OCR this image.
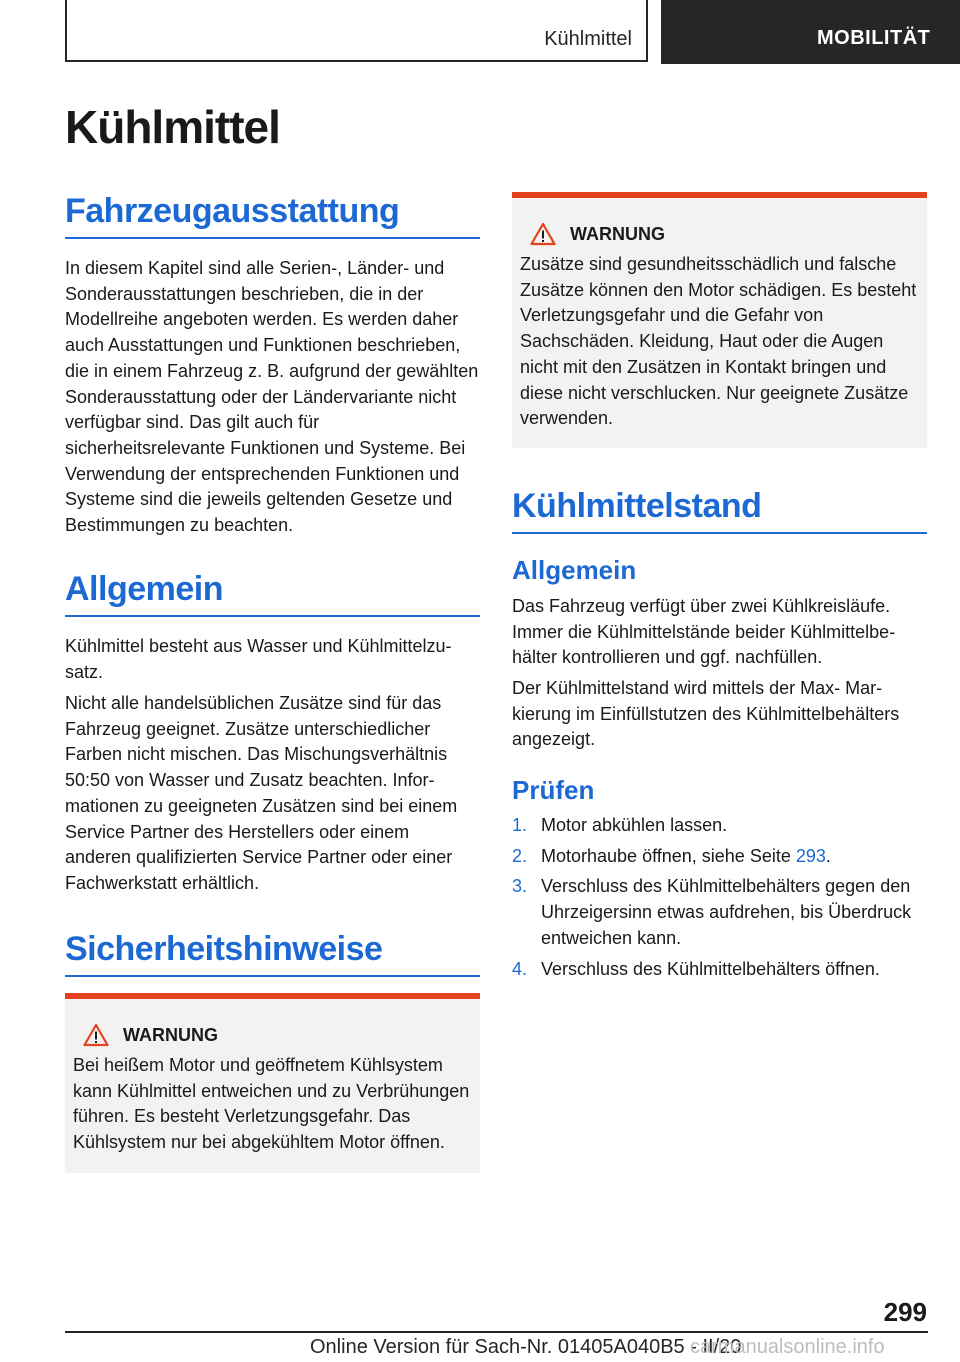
Kühlmittel	MOBILITÄT
Kühlmittel
Fahrzeugausstattung

In diesem Kapitel sind alle Serien-, Länder- und Sonderausstattungen beschrieben, die in der Modellreihe angeboten werden. Es werden daher auch Ausstattungen und Funktionen beschrieben, die in einem Fahrzeug z. B. aufgrund der gewählten Sonderausstattung oder der Ländervariante nicht verfügbar sind. Das gilt auch für sicherheitsrelevante Funktionen und Systeme. Bei Verwendung der entsprechenden Funktionen und Systeme sind die jeweils geltenden Gesetze und Bestimmungen zu beachten.

Allgemein

Kühlmittel besteht aus Wasser und Kühlmittelzusatz.

Nicht alle handelsüblichen Zusätze sind für das Fahrzeug geeignet. Zusätze unterschiedlicher Farben nicht mischen. Das Mischungsverhältnis 50:50 von Wasser und Zusatz beachten. Informationen zu geeigneten Zusätzen sind bei einem Service Partner des Herstellers oder einem anderen qualifizierten Service Partner oder einer Fachwerkstatt erhältlich.

Sicherheitshinweise
WARNUNG

Bei heißem Motor und geöffnetem Kühlsystem kann Kühlmittel entweichen und zu Verbrühungen führen. Es besteht Verletzungsgefahr. Das Kühlsystem nur bei abgekühltem Motor öffnen.

WARNUNG

Zusätze sind gesundheitsschädlich und falsche Zusätze können den Motor schädigen. Es besteht Verletzungsgefahr und die Gefahr von Sachschäden. Kleidung, Haut oder die Augen nicht mit den Zusätzen in Kontakt bringen und diese nicht verschlucken. Nur geeignete Zusätze verwenden.

Kühlmittelstand
Allgemein

Das Fahrzeug verfügt über zwei Kühlkreisläufe. Immer die Kühlmittelstände beider Kühlmittelbehälter kontrollieren und ggf. nachfüllen.

Der Kühlmittelstand wird mittels der Max- Markierung im Einfüllstutzen des Kühlmittelbehälters angezeigt.

Prüfen
1. Motor abkühlen lassen.
2. Motorhaube öffnen, siehe Seite 293.
3. Verschluss des Kühlmittelbehälters gegen den Uhrzeigersinn etwas aufdrehen, bis Überdruck entweichen kann.
4. Verschluss des Kühlmittelbehälters öffnen.
299
Online Version für Sach-Nr. 01405A040B5 - II/20
carmanualsonline.info
